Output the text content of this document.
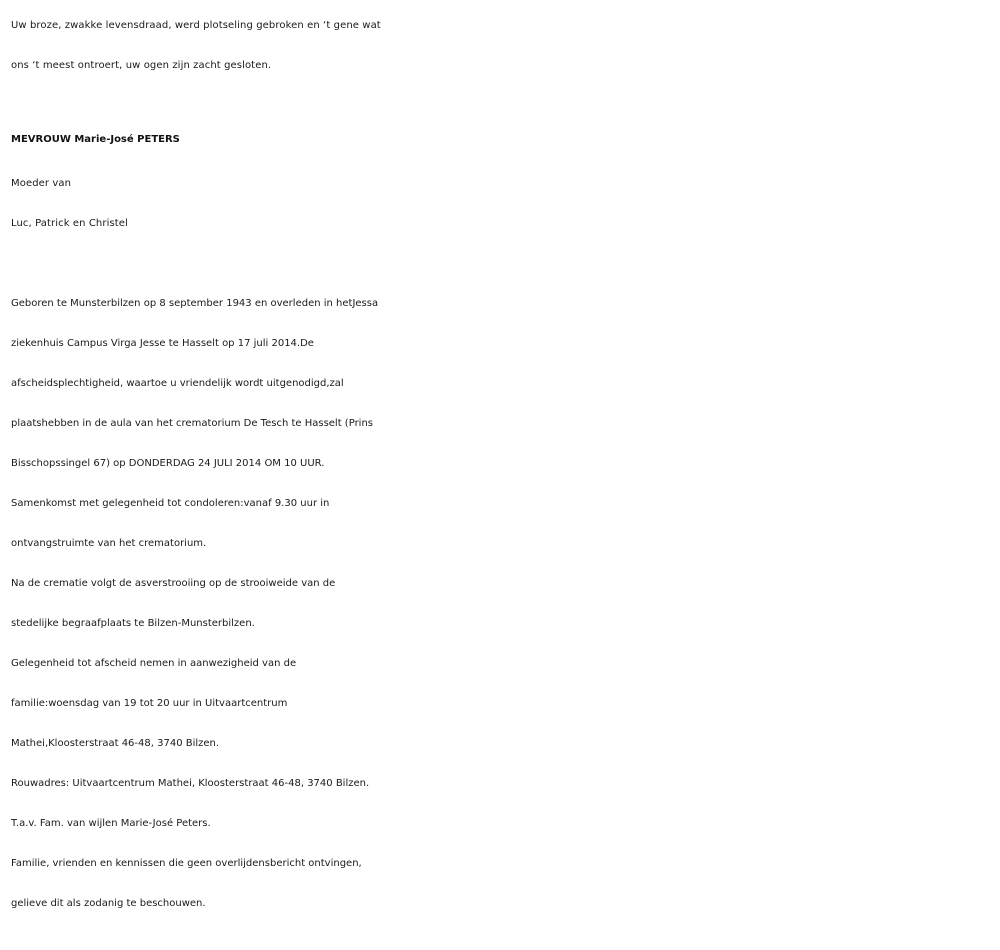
Uw broze, zwakke levensdraad, werd plotseling gebroken en ‘t gene wat
ons ‘t meest ontroert, uw ogen zijn zacht gesloten.
MEVROUW Marie-José PETERS
Moeder van
Luc, Patrick en Christel
Geboren te Munsterbilzen op 8 september 1943 en overleden in hetJessa
ziekenhuis Campus Virga Jesse te Hasselt op 17 juli 2014.De
afscheidsplechtigheid, waartoe u vriendelijk wordt uitgenodigd,zal
plaatshebben in de aula van het crematorium De Tesch te Hasselt (Prins
Bisschopssingel 67) op DONDERDAG 24 JULI 2014 OM 10 UUR.
Samenkomst met gelegenheid tot condoleren:vanaf 9.30 uur in
ontvangstruimte van het crematorium.
Na de crematie volgt de asverstrooiing op de strooiweide van de
stedelijke begraafplaats te Bilzen-Munsterbilzen.
Gelegenheid tot afscheid nemen in aanwezigheid van de
familie:woensdag van 19 tot 20 uur in Uitvaartcentrum
Mathei,Kloosterstraat 46-48, 3740 Bilzen.
Rouwadres: Uitvaartcentrum Mathei, Kloosterstraat 46-48, 3740 Bilzen.
T.a.v. Fam. van wijlen Marie-José Peters.
Familie, vrienden en kennissen die geen overlijdensbericht ontvingen,
gelieve dit als zodanig te beschouwen.
